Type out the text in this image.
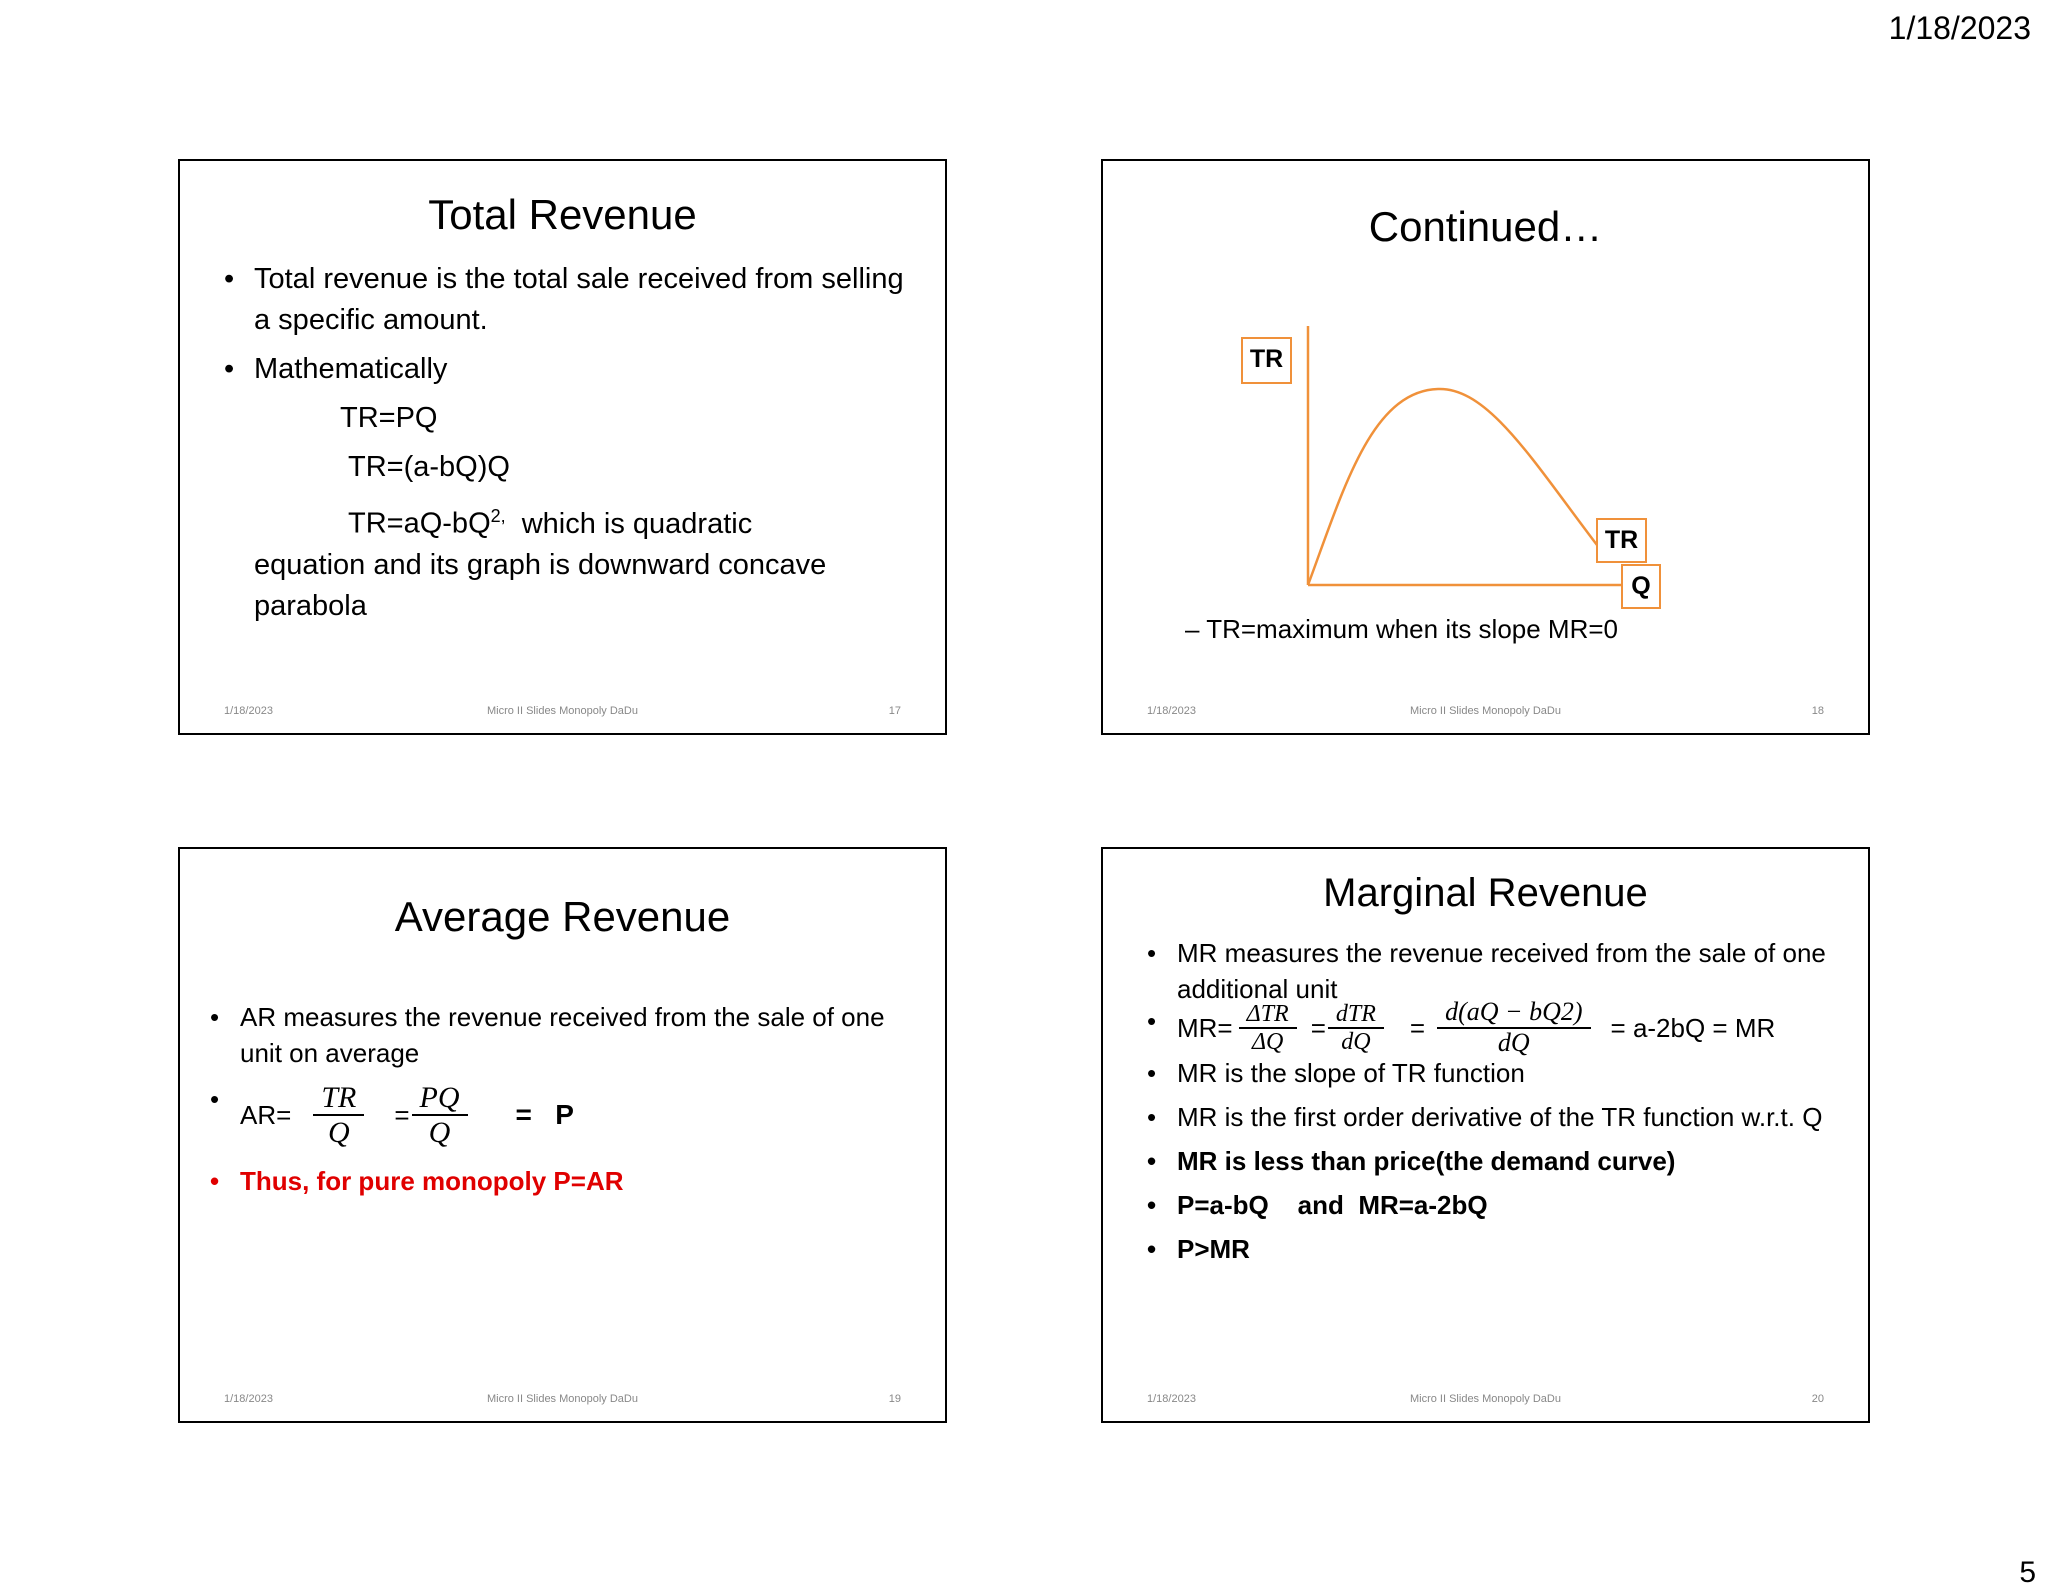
1/18/2023
Total Revenue
• Total revenue is the total sale received from selling a specific amount.
• Mathematically
TR=PQ
TR=(a-bQ)Q
$TR=aQ-bQ^{2,}$ which is quadratic
equation and its graph is downward concave parabola
1/18/2023	Micro II Slides Monopoly DaDu	17
Continued…
TR
TR
Q
– TR=maximum when its slope MR=0
1/18/2023	Micro II Slides Monopoly DaDu	18
Average Revenue
• AR measures the revenue received from the sale of one unit on average
• $AR= \frac{TR}{Q} = \frac{PQ}{Q} = P$
• Thus, for pure monopoly P=AR
1/18/2023	Micro II Slides Monopoly DaDu	19
Marginal Revenue
• MR measures the revenue received from the sale of one additional unit
• $MR= \frac{\text{ΔTR}}{\Delta Q} = \frac{\text{dTR}}{dQ} = \frac{d(aQ - bQ2)}{dQ} = a-2bQ$ = MR
• MR is the slope of TR function
• MR is the first order derivative of the TR function w.r.t. Q
• MR is less than price(the demand curve)
• P=a-bQ    and  MR=a-2bQ
• P>MR
1/18/2023	Micro II Slides Monopoly DaDu	20
5
